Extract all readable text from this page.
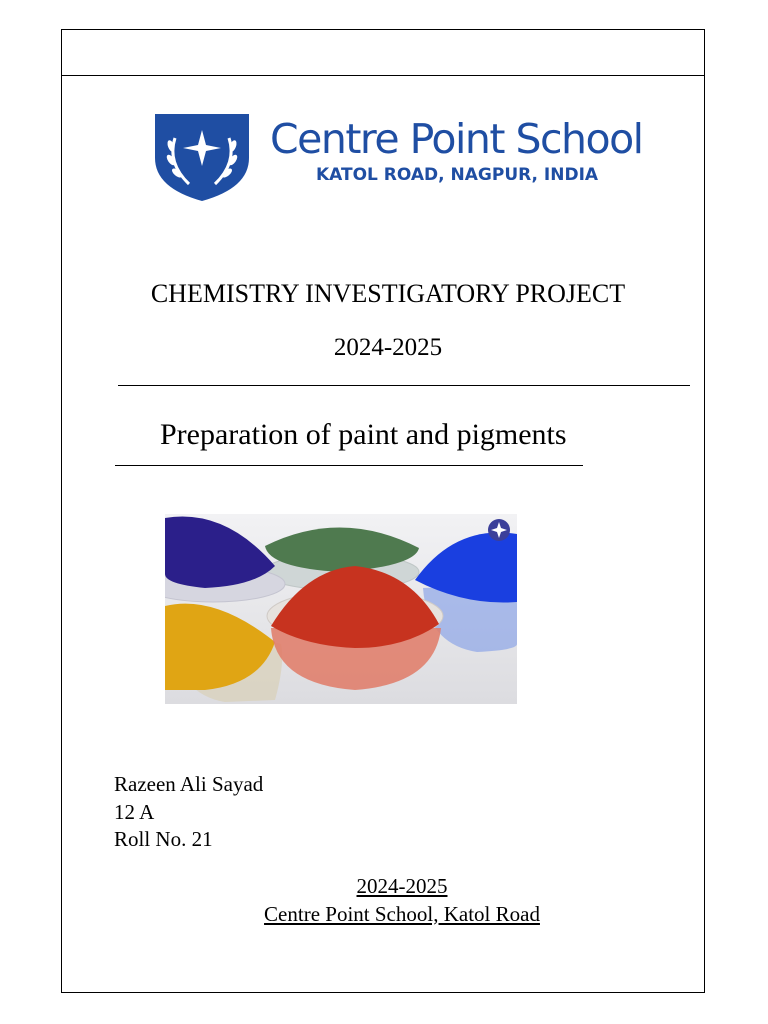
Centre Point School
KATOL ROAD, NAGPUR, INDIA
CHEMISTRY INVESTIGATORY PROJECT
2024-2025
Preparation of paint and pigments
Razeen Ali Sayad
12 A
Roll No. 21
2024-2025
Centre Point School, Katol Road
